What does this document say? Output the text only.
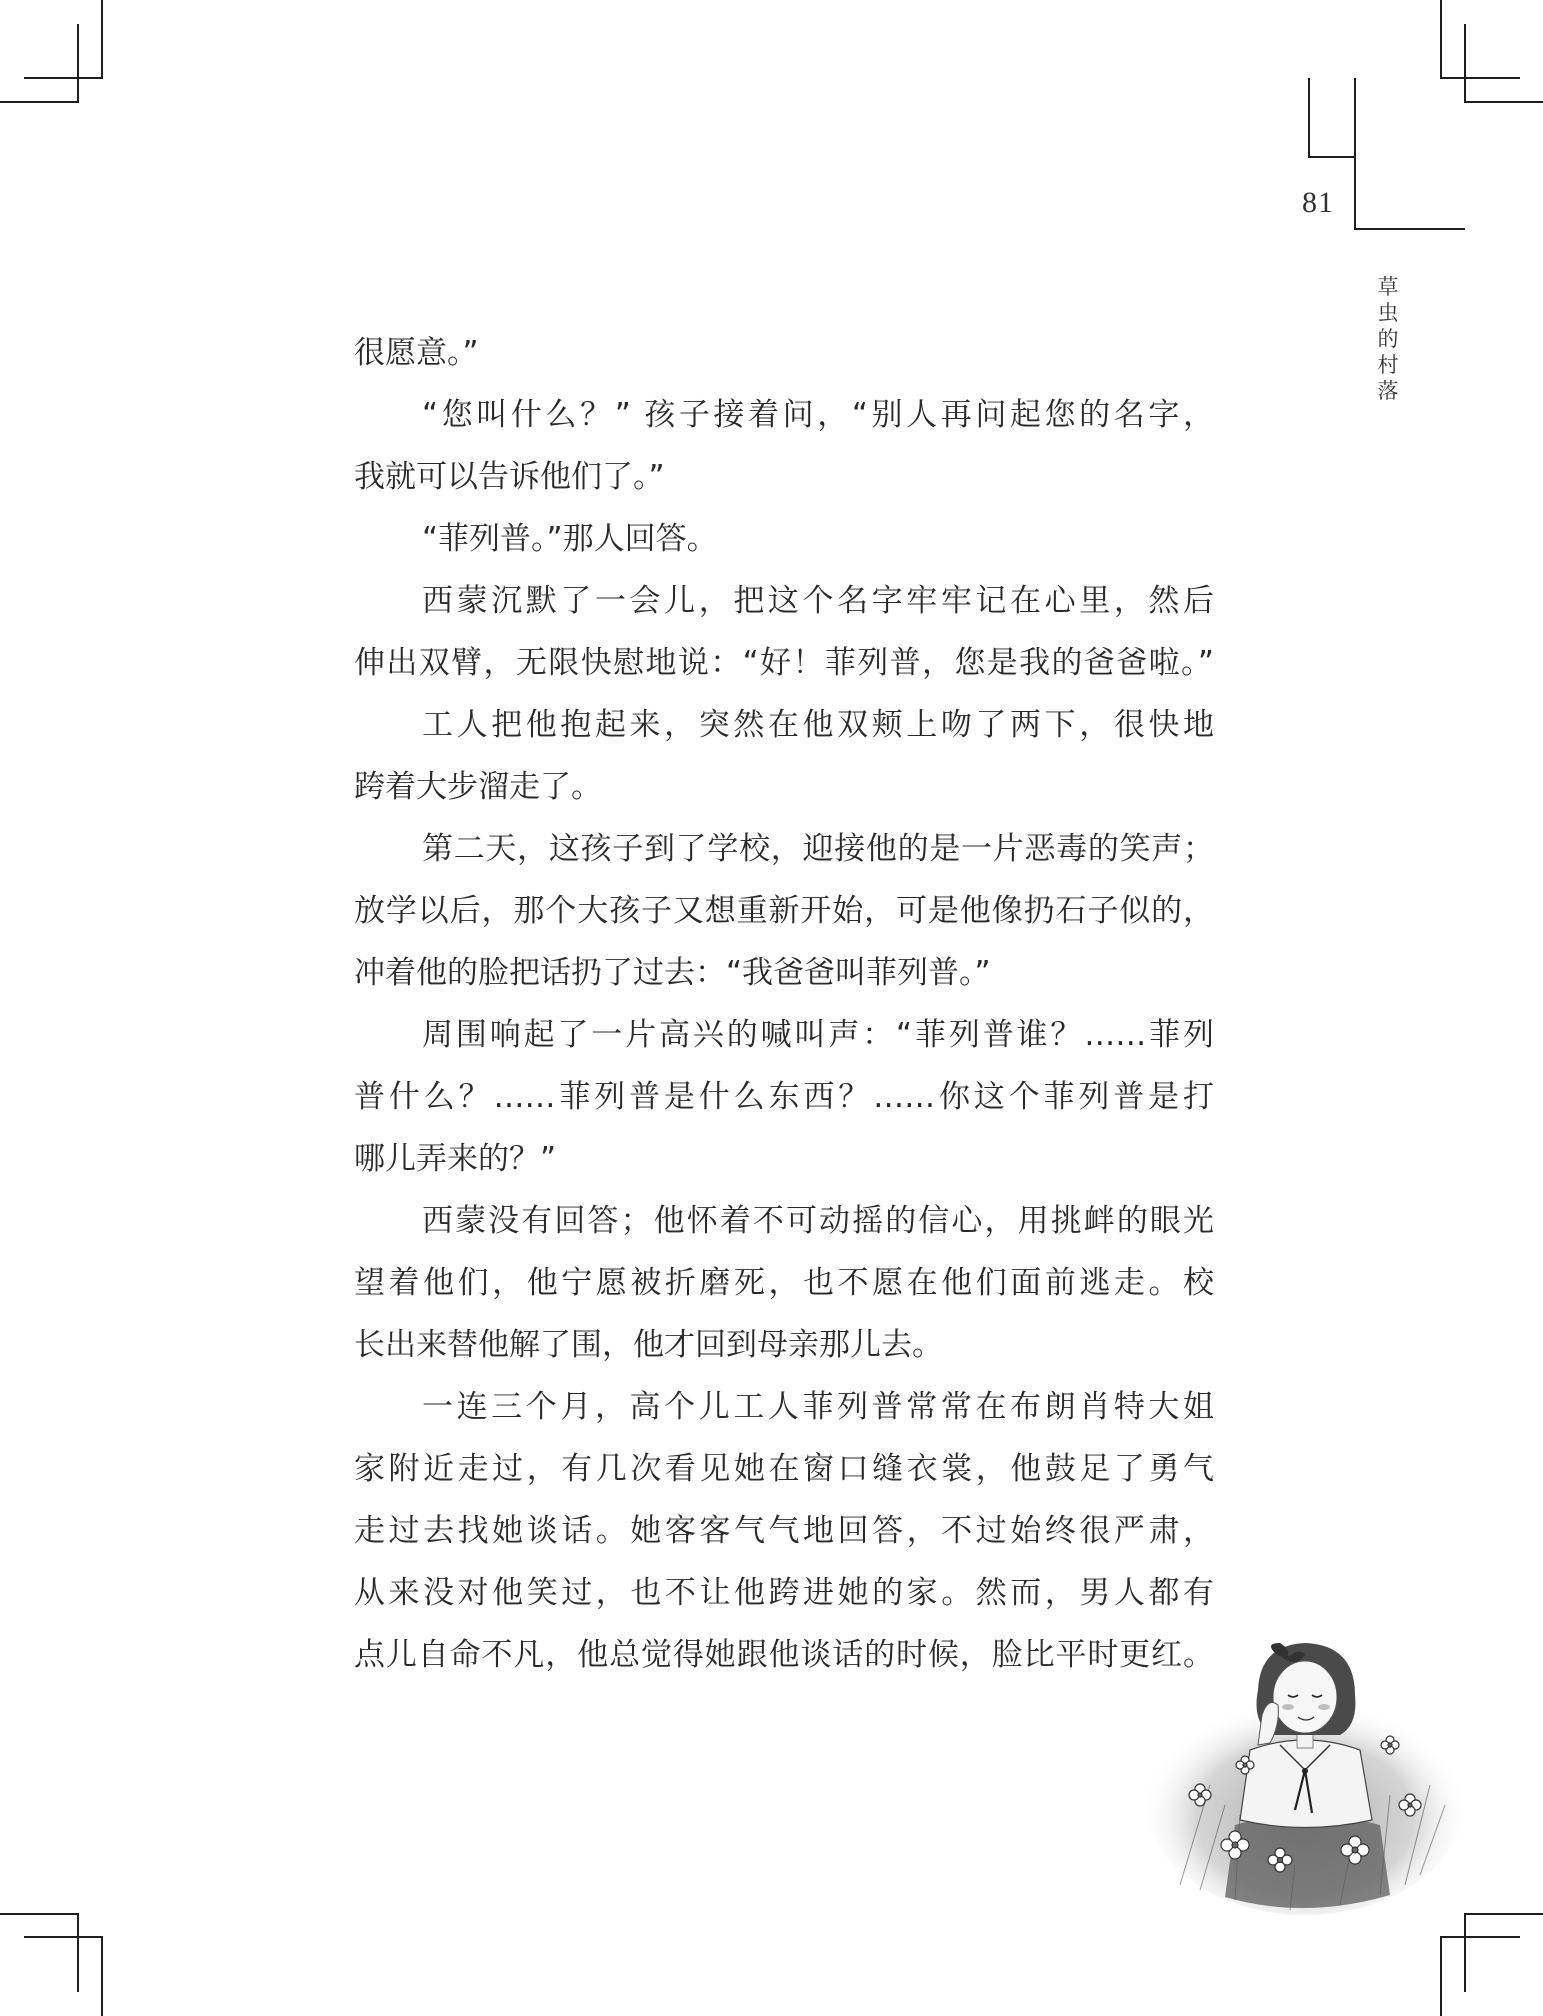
81
草
虫
的
村
落
很愿意。”
“您叫什么？” 孩子接着问，“别人再问起您的名字，
我就可以告诉他们了。”
“菲列普。”那人回答。
西蒙沉默了一会儿，把这个名字牢牢记在心里，然后
伸出双臂，无限快慰地说：“好！菲列普，您是我的爸爸啦。”
工人把他抱起来，突然在他双颊上吻了两下，很快地
跨着大步溜走了。
第二天，这孩子到了学校，迎接他的是一片恶毒的笑声；
放学以后，那个大孩子又想重新开始，可是他像扔石子似的，
冲着他的脸把话扔了过去：“我爸爸叫菲列普。”
周围响起了一片高兴的喊叫声：“菲列普谁？……菲列
普什么？……菲列普是什么东西？……你这个菲列普是打
哪儿弄来的？”
西蒙没有回答；他怀着不可动摇的信心，用挑衅的眼光
望着他们，他宁愿被折磨死，也不愿在他们面前逃走。校
长出来替他解了围，他才回到母亲那儿去。
一连三个月，高个儿工人菲列普常常在布朗肖特大姐
家附近走过，有几次看见她在窗口缝衣裳，他鼓足了勇气
走过去找她谈话。她客客气气地回答，不过始终很严肃，
从来没对他笑过，也不让他跨进她的家。然而，男人都有
点儿自命不凡，他总觉得她跟他谈话的时候，脸比平时更红。
